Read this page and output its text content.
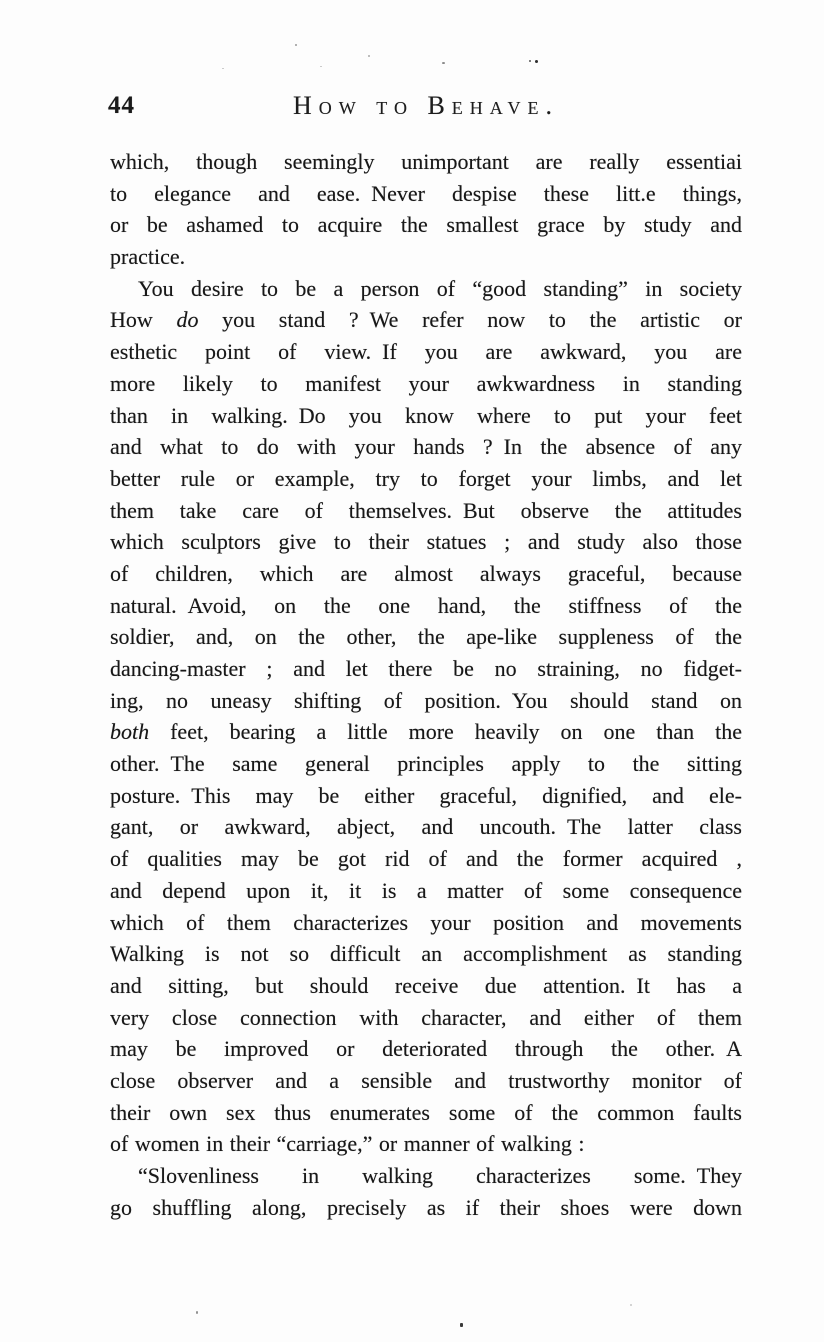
44	How to Behave.
which, though seemingly unimportant are really essentiai
to elegance and ease. Never despise these litt.e things,
or be ashamed to acquire the smallest grace by study and
practice.
You desire to be a person of “good standing” in society
How do you stand ? We refer now to the artistic or
esthetic point of view. If you are awkward, you are
more likely to manifest your awkwardness in standing
than in walking. Do you know where to put your feet
and what to do with your hands ? In the absence of any
better rule or example, try to forget your limbs, and let
them take care of themselves. But observe the attitudes
which sculptors give to their statues ; and study also those
of children, which are almost always graceful, because
natural. Avoid, on the one hand, the stiffness of the
soldier, and, on the other, the ape-like suppleness of the
dancing-master ; and let there be no straining, no fidget-
ing, no uneasy shifting of position. You should stand on
both feet, bearing a little more heavily on one than the
other. The same general principles apply to the sitting
posture. This may be either graceful, dignified, and ele-
gant, or awkward, abject, and uncouth. The latter class
of qualities may be got rid of and the former acquired ,
and depend upon it, it is a matter of some consequence
which of them characterizes your position and movements
Walking is not so difficult an accomplishment as standing
and sitting, but should receive due attention. It has a
very close connection with character, and either of them
may be improved or deteriorated through the other. A
close observer and a sensible and trustworthy monitor of
their own sex thus enumerates some of the common faults
of women in their “carriage,” or manner of walking :
“Slovenliness in walking characterizes some. They
go shuffling along, precisely as if their shoes were down
